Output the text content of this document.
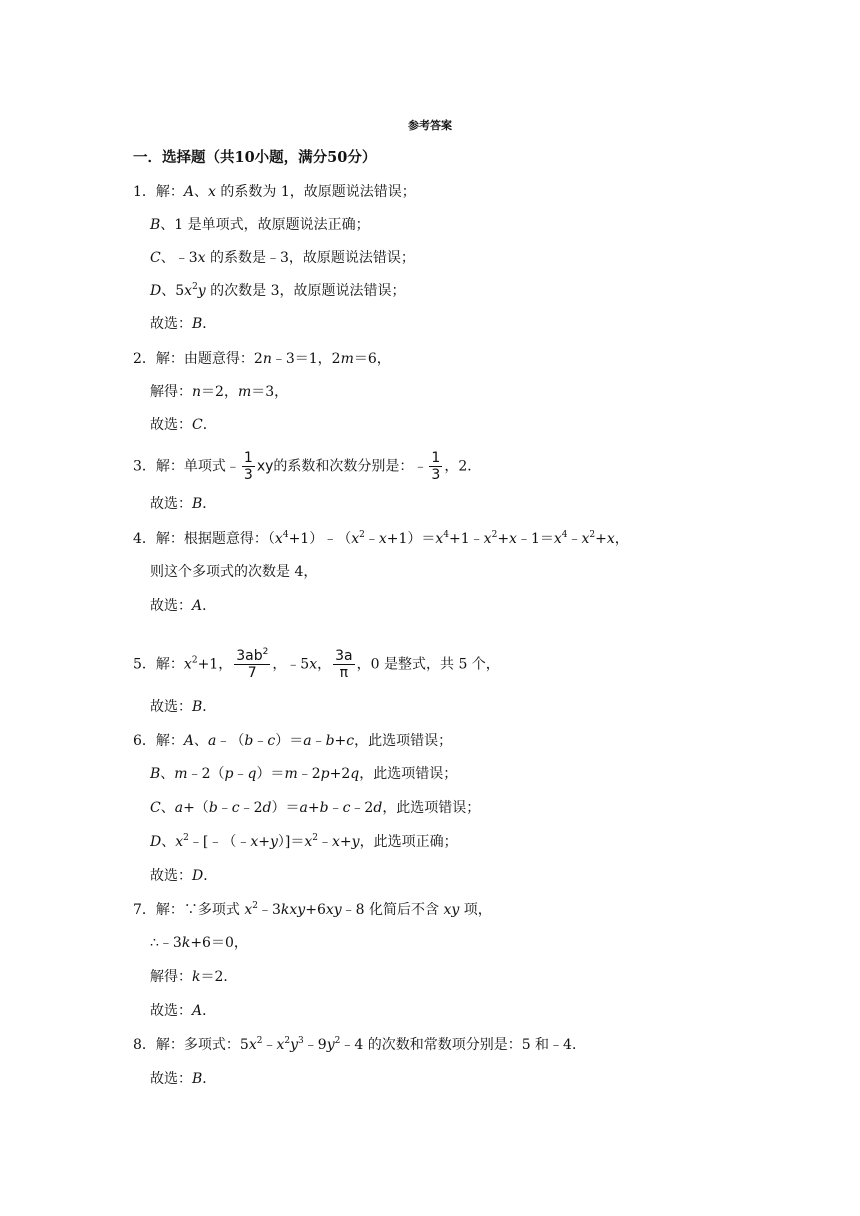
参考答案
一．选择题（共10小题，满分50分）
1．解：A、x 的系数为 1，故原题说法错误；
B、1 是单项式，故原题说法正确；
C、﹣3x 的系数是﹣3，故原题说法错误；
D、$5x^2y$ 的次数是 3，故原题说法错误；
故选：B．
2．解：由题意得：2n﹣3＝1，2m＝6，
解得：n＝2，m＝3，
故选：C．
3．解：单项式﹣ $\frac{1}{3}$ xy的系数和次数分别是：﹣ $\frac{1}{3}$ ，2．
故选：B．
4．解：根据题意得：$(x^4+1)﹣(x^2﹣x+1)=x^4+1﹣x^2+x﹣1=x^4﹣x^2+x$，
则这个多项式的次数是 4，
故选：A．
5．解：$x^2+1$， $\frac{3ab^2}{7}$ ，﹣5x， $\frac{3a}{\pi}$ ，0 是整式，共 5 个，
故选：B．
6．解：A、a﹣（b﹣c）＝a﹣b+c，此选项错误；
B、m﹣2（p﹣q）＝m﹣2p+2q，此选项错误；
C、a+（b﹣c﹣2d）＝a+b﹣c﹣2d，此选项错误；
D、$x^2﹣[﹣(﹣x+y)]=x^2﹣x+y$，此选项正确；
故选：D．
7．解：∵多项式 $x^2﹣3kxy+6xy﹣8$ 化简后不含 xy 项，
∴﹣3k+6＝0，
解得：k＝2．
故选：A．
8．解：多项式：$5x^2﹣x^2y^3﹣9y^2﹣4$ 的次数和常数项分别是：5 和﹣4．
故选：B．
